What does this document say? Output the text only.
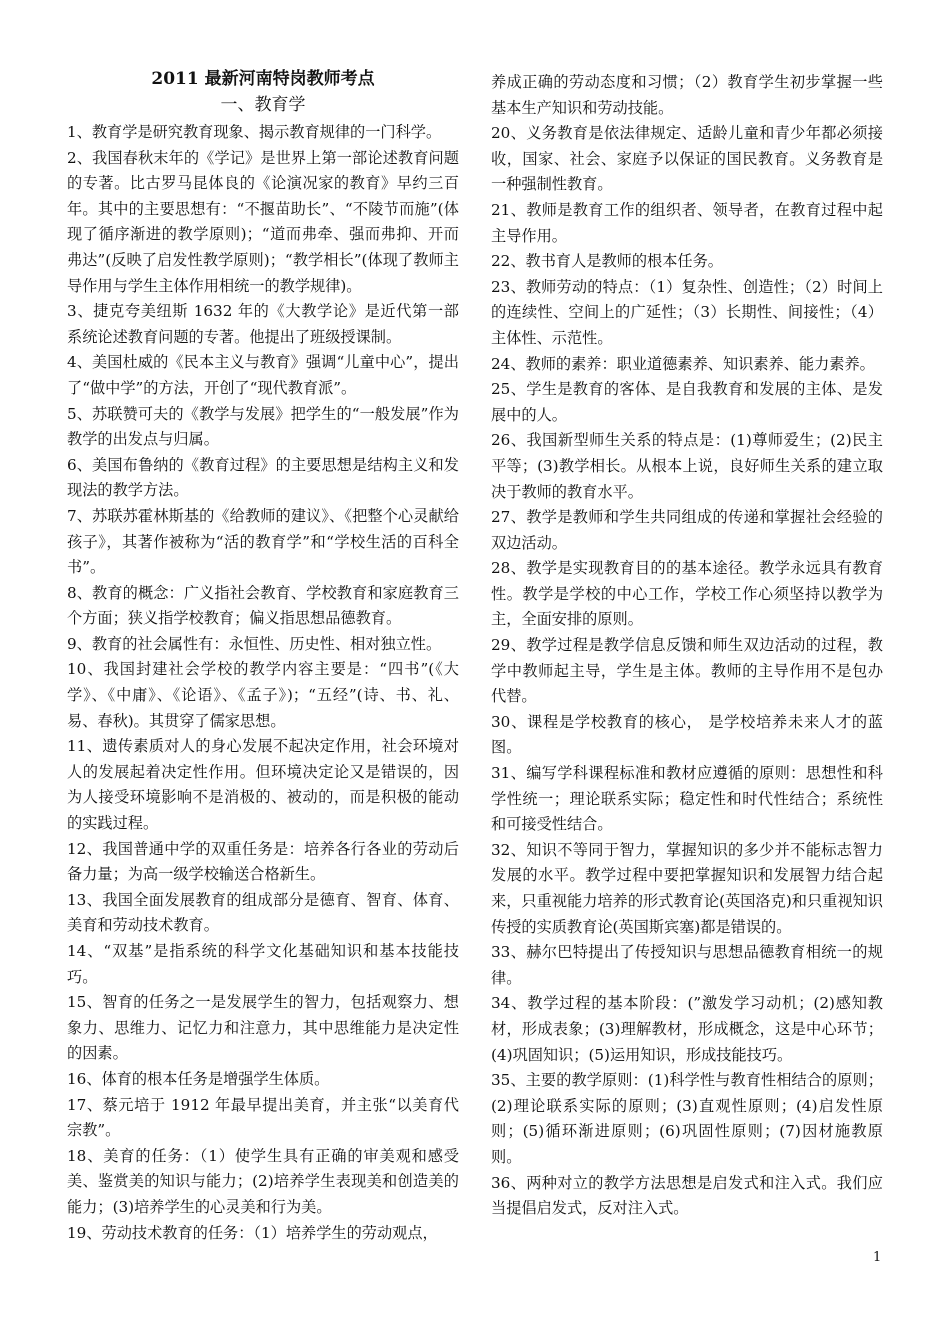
2011 最新河南特岗教师考点

一、教育学

1、教育学是研究教育现象、揭示教育规律的一门科学。

2、我国春秋末年的《学记》是世界上第一部论述教育问题的专著。比古罗马昆体良的《论演况家的教育》早约三百年。其中的主要思想有：“不揠苗助长”、“不陵节而施”(体现了循序渐进的教学原则)；“道而弗牵、强而弗抑、开而弗达”(反映了启发性教学原则)；“教学相长”(体现了教师主导作用与学生主体作用相统一的教学规律)。

3、捷克夸美纽斯 1632 年的《大教学论》是近代第一部系统论述教育问题的专著。他提出了班级授课制。

4、美国杜威的《民本主义与教育》强调“儿童中心”，提出了“做中学”的方法，开创了“现代教育派”。

5、苏联赞可夫的《教学与发展》把学生的“一般发展”作为教学的出发点与归属。

6、美国布鲁纳的《教育过程》的主要思想是结构主义和发现法的教学方法。

7、苏联苏霍林斯基的《给教师的建议》、《把整个心灵献给孩子》，其著作被称为“活的教育学”和“学校生活的百科全书”。

8、教育的概念：广义指社会教育、学校教育和家庭教育三个方面；狭义指学校教育；偏义指思想品德教育。

9、教育的社会属性有：永恒性、历史性、相对独立性。

10、我国封建社会学校的教学内容主要是：“四书”(《大学》、《中庸》、《论语》、《孟子》)；“五经”(诗、书、礼、易、春秋)。其贯穿了儒家思想。

11、遗传素质对人的身心发展不起决定作用，社会环境对人的发展起着决定性作用。但环境决定论又是错误的，因为人接受环境影响不是消极的、被动的，而是积极的能动的实践过程。

12、我国普通中学的双重任务是：培养各行各业的劳动后备力量；为高一级学校输送合格新生。

13、我国全面发展教育的组成部分是德育、智育、体育、美育和劳动技术教育。

14、“双基”是指系统的科学文化基础知识和基本技能技巧。

15、智育的任务之一是发展学生的智力，包括观察力、想象力、思维力、记忆力和注意力，其中思维能力是决定性的因素。

16、体育的根本任务是增强学生体质。

17、蔡元培于 1912 年最早提出美育，并主张“以美育代宗教”。

18、美育的任务：（1）使学生具有正确的审美观和感受美、鉴赏美的知识与能力；(2)培养学生表现美和创造美的能力；(3)培养学生的心灵美和行为美。

19、劳动技术教育的任务：（1）培养学生的劳动观点，

养成正确的劳动态度和习惯；（2）教育学生初步掌握一些基本生产知识和劳动技能。

20、义务教育是依法律规定、适龄儿童和青少年都必须接收，国家、社会、家庭予以保证的国民教育。义务教育是一种强制性教育。

21、教师是教育工作的组织者、领导者，在教育过程中起主导作用。

22、教书育人是教师的根本任务。

23、教师劳动的特点：（1）复杂性、创造性；（2）时间上的连续性、空间上的广延性；（3）长期性、间接性；（4）主体性、示范性。

24、教师的素养：职业道德素养、知识素养、能力素养。

25、学生是教育的客体、是自我教育和发展的主体、是发展中的人。

26、我国新型师生关系的特点是：(1)尊师爱生；(2)民主平等；(3)教学相长。从根本上说，良好师生关系的建立取决于教师的教育水平。

27、教学是教师和学生共同组成的传递和掌握社会经验的双边活动。

28、教学是实现教育目的的基本途径。教学永远具有教育性。教学是学校的中心工作，学校工作心须坚持以教学为主，全面安排的原则。

29、教学过程是教学信息反馈和师生双边活动的过程，教学中教师起主导，学生是主体。教师的主导作用不是包办代替。

30、课程是学校教育的核心， 是学校培养未来人才的蓝图。

31、编写学科课程标准和教材应遵循的原则：思想性和科学性统一；理论联系实际；稳定性和时代性结合；系统性和可接受性结合。

32、知识不等同于智力，掌握知识的多少并不能标志智力发展的水平。教学过程中要把掌握知识和发展智力结合起来，只重视能力培养的形式教育论(英国洛克)和只重视知识传授的实质教育论(英国斯宾塞)都是错误的。

33、赫尔巴特提出了传授知识与思想品德教育相统一的规律。

34、教学过程的基本阶段：(”激发学习动机；(2)感知教材，形成表象；(3)理解教材，形成概念，这是中心环节；(4)巩固知识；(5)运用知识，形成技能技巧。

35、主要的教学原则：(1)科学性与教育性相结合的原则；(2)理论联系实际的原则；(3)直观性原则；(4)启发性原则；(5)循环渐进原则；(6)巩固性原则；(7)因材施教原则。

36、两种对立的教学方法思想是启发式和注入式。我们应当提倡启发式，反对注入式。

1
